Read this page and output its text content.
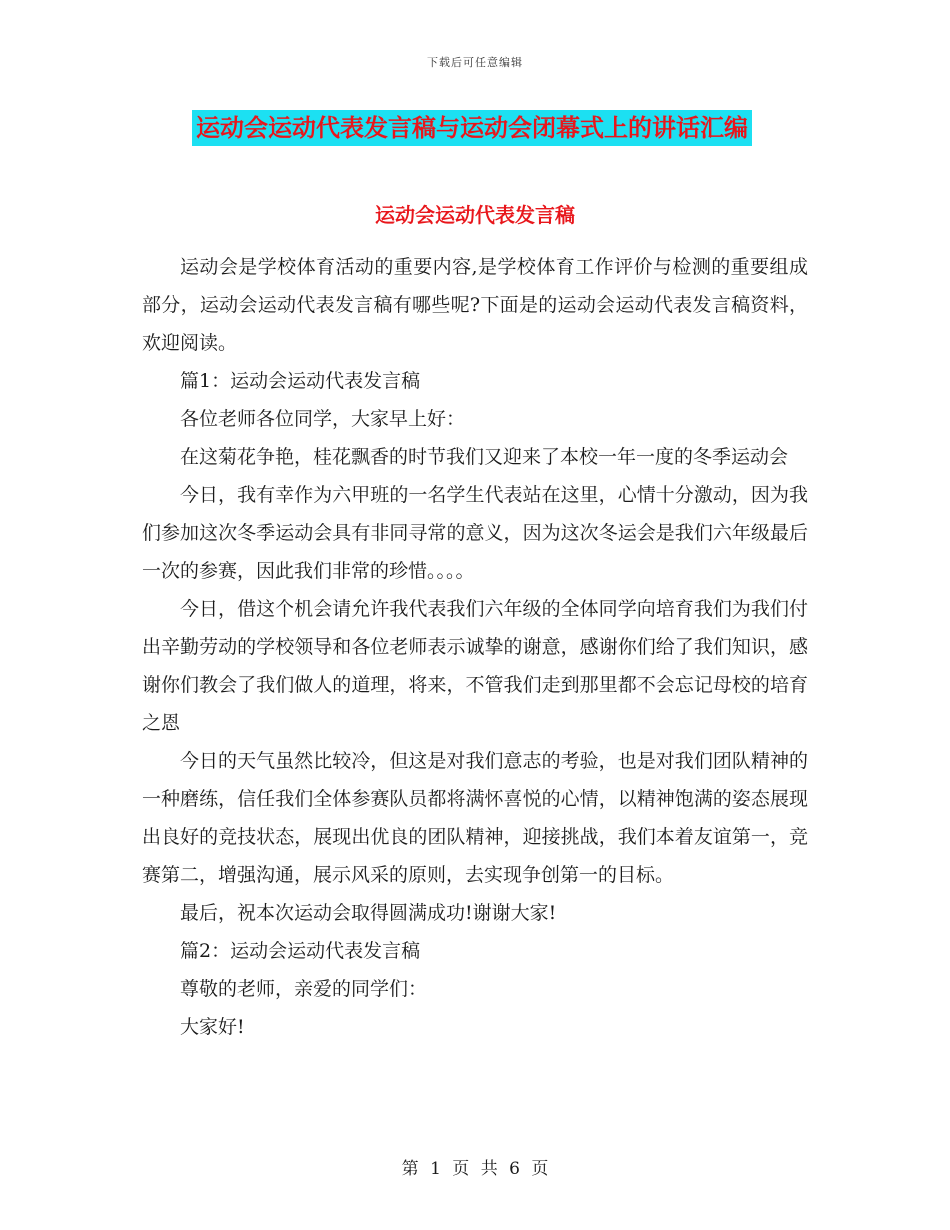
下载后可任意编辑
运动会运动代表发言稿与运动会闭幕式上的讲话汇编
运动会运动代表发言稿

运动会是学校体育活动的重要内容,是学校体育工作评价与检测的重要组成部分，运动会运动代表发言稿有哪些呢?下面是的运动会运动代表发言稿资料，欢迎阅读。

篇1：运动会运动代表发言稿

各位老师各位同学，大家早上好：

在这菊花争艳，桂花飘香的时节我们又迎来了本校一年一度的冬季运动会

今日，我有幸作为六甲班的一名学生代表站在这里，心情十分激动，因为我们参加这次冬季运动会具有非同寻常的意义，因为这次冬运会是我们六年级最后一次的参赛，因此我们非常的珍惜。。。。

今日，借这个机会请允许我代表我们六年级的全体同学向培育我们为我们付出辛勤劳动的学校领导和各位老师表示诚挚的谢意，感谢你们给了我们知识，感谢你们教会了我们做人的道理，将来，不管我们走到那里都不会忘记母校的培育之恩

今日的天气虽然比较冷，但这是对我们意志的考验，也是对我们团队精神的一种磨练，信任我们全体参赛队员都将满怀喜悦的心情，以精神饱满的姿态展现出良好的竞技状态，展现出优良的团队精神，迎接挑战，我们本着友谊第一，竞赛第二，增强沟通，展示风采的原则，去实现争创第一的目标。

最后，祝本次运动会取得圆满成功!谢谢大家!

篇2：运动会运动代表发言稿

尊敬的老师，亲爱的同学们：

大家好!

第 1 页 共 6 页
